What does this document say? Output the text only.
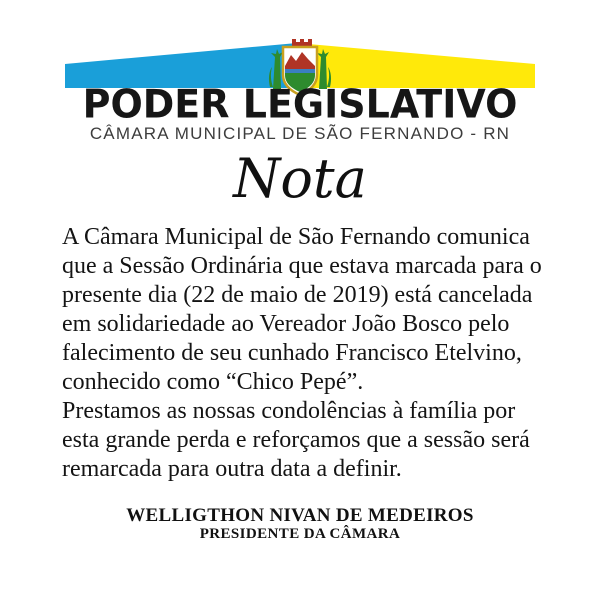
PODER LEGISLATIVO
CÂMARA MUNICIPAL DE SÃO FERNANDO - RN
Nota
A Câmara Municipal de São Fernando comunica
que a Sessão Ordinária que estava marcada para o
presente dia (22 de maio de 2019) está cancelada
em solidariedade ao Vereador João Bosco pelo
falecimento de seu cunhado Francisco Etelvino,
conhecido como “Chico Pepé”.
Prestamos as nossas condolências à família por
esta grande perda e reforçamos que a sessão será
remarcada para outra data a definir.
WELLIGTHON NIVAN DE MEDEIROS
PRESIDENTE DA CÂMARA
